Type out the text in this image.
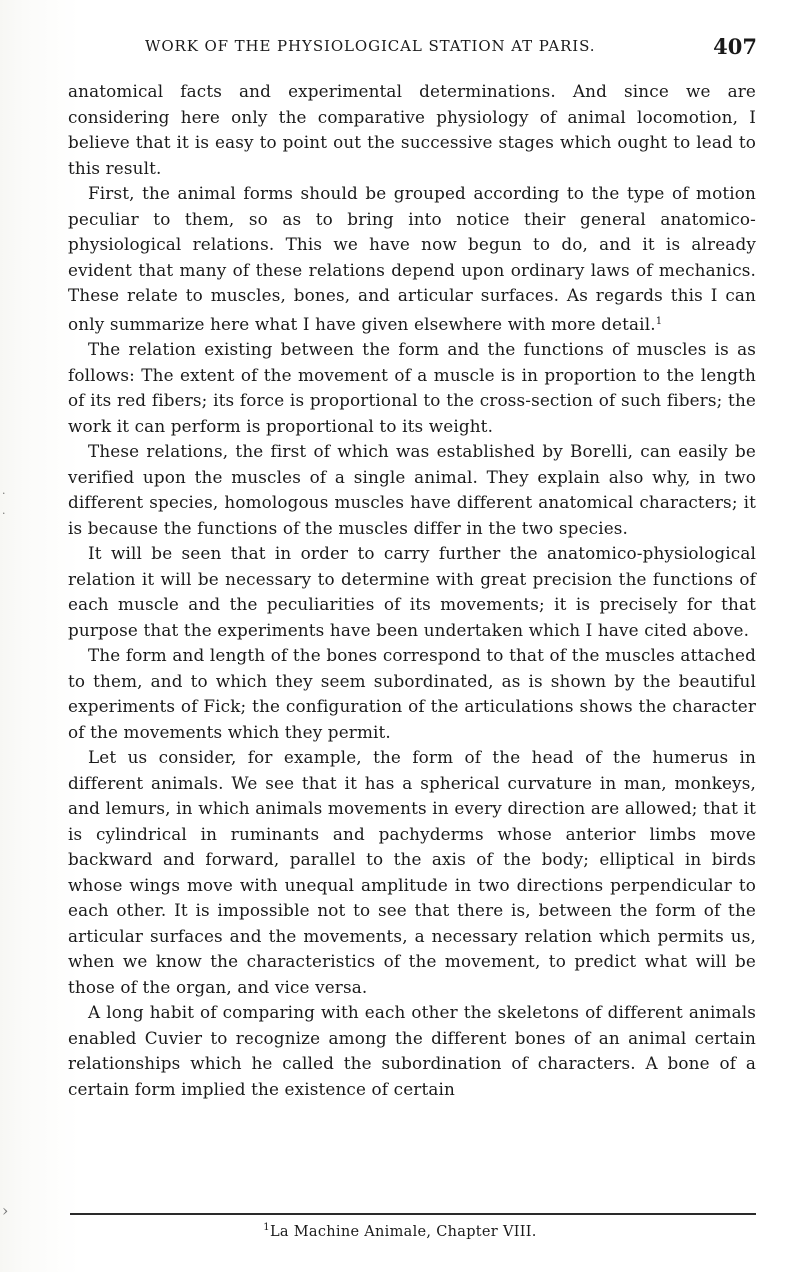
·
·
›
WORK OF THE PHYSIOLOGICAL STATION AT PARIS.	407

anatomical facts and experimental determinations. And since we are considering here only the comparative physiology of animal locomotion, I believe that it is easy to point out the successive stages which ought to lead to this result.

First, the animal forms should be grouped according to the type of motion peculiar to them, so as to bring into notice their general anatomico-physiological relations. This we have now begun to do, and it is already evident that many of these relations depend upon ordinary laws of mechanics. These relate to muscles, bones, and articular surfaces. As regards this I can only summarize here what I have given elsewhere with more detail.$^1$

The relation existing between the form and the functions of muscles is as follows: The extent of the movement of a muscle is in proportion to the length of its red fibers; its force is proportional to the cross-section of such fibers; the work it can perform is proportional to its weight.

These relations, the first of which was established by Borelli, can easily be verified upon the muscles of a single animal. They explain also why, in two different species, homologous muscles have different anatomical characters; it is because the functions of the muscles differ in the two species.

It will be seen that in order to carry further the anatomico-physiological relation it will be necessary to determine with great precision the functions of each muscle and the peculiarities of its movements; it is precisely for that purpose that the experiments have been undertaken which I have cited above.

The form and length of the bones correspond to that of the muscles attached to them, and to which they seem subordinated, as is shown by the beautiful experiments of Fick; the configuration of the articulations shows the character of the movements which they permit.

Let us consider, for example, the form of the head of the humerus in different animals. We see that it has a spherical curvature in man, monkeys, and lemurs, in which animals movements in every direction are allowed; that it is cylindrical in ruminants and pachyderms whose anterior limbs move backward and forward, parallel to the axis of the body; elliptical in birds whose wings move with unequal amplitude in two directions perpendicular to each other. It is impossible not to see that there is, between the form of the articular surfaces and the movements, a necessary relation which permits us, when we know the characteristics of the movement, to predict what will be those of the organ, and vice versa.

A long habit of comparing with each other the skeletons of different animals enabled Cuvier to recognize among the different bones of an animal certain relationships which he called the subordination of characters. A bone of a certain form implied the existence of certain

$^1$La Machine Animale, Chapter VIII.
